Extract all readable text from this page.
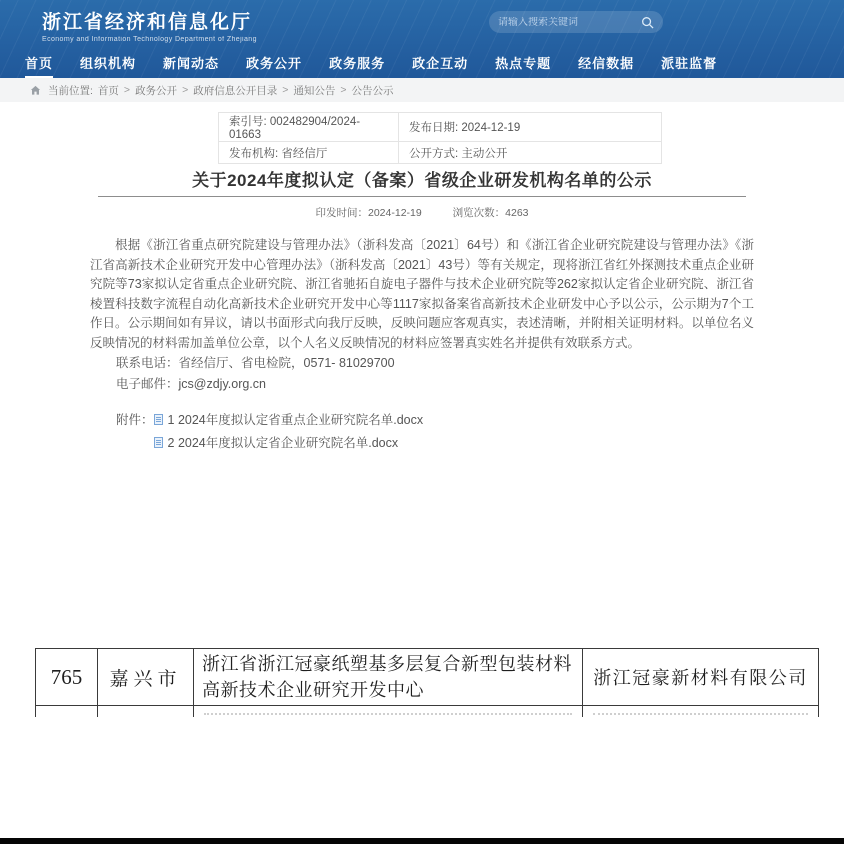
浙江省经济和信息化厅
Economy and Information Technology Department of Zhejiang
请输入搜索关键词
首页 组织机构 新闻动态 政务公开 政务服务 政企互动 热点专题 经信数据 派驻监督
当前位置: 首页 > 政务公开 > 政府信息公开目录 > 通知公告 > 公告公示
索引号: 002482904/2024-01663	发布日期: 2024-12-19
发布机构: 省经信厅	公开方式: 主动公开
关于2024年度拟认定（备案）省级企业研发机构名单的公示
印发时间：2024-12-19	浏览次数：4263
根据《浙江省重点研究院建设与管理办法》（浙科发高〔2021〕64号）和《浙江省企业研究院建设与管理办法》《浙江省高新技术企业研究开发中心管理办法》（浙科发高〔2021〕43号）等有关规定，现将浙江省红外探测技术重点企业研究院等73家拟认定省重点企业研究院、浙江省驰拓自旋电子器件与技术企业研究院等262家拟认定省企业研究院、浙江省棱置科技数字流程自动化高新技术企业研究开发中心等1117家拟备案省高新技术企业研发中心予以公示，公示期为7个工作日。公示期间如有异议，请以书面形式向我厅反映，反映问题应客观真实，表述清晰，并附相关证明材料。以单位名义反映情况的材料需加盖单位公章，以个人名义反映情况的材料应签署真实姓名并提供有效联系方式。
联系电话：省经信厅、省电检院，0571- 81029700
电子邮件：jcs@zdjy.org.cn
附件： 1 2024年度拟认定省重点企业研究院名单.docx
2 2024年度拟认定省企业研究院名单.docx
765	嘉兴市	浙江省浙江冠豪纸塑基多层复合新型包装材料高新技术企业研究开发中心	浙江冠豪新材料有限公司
